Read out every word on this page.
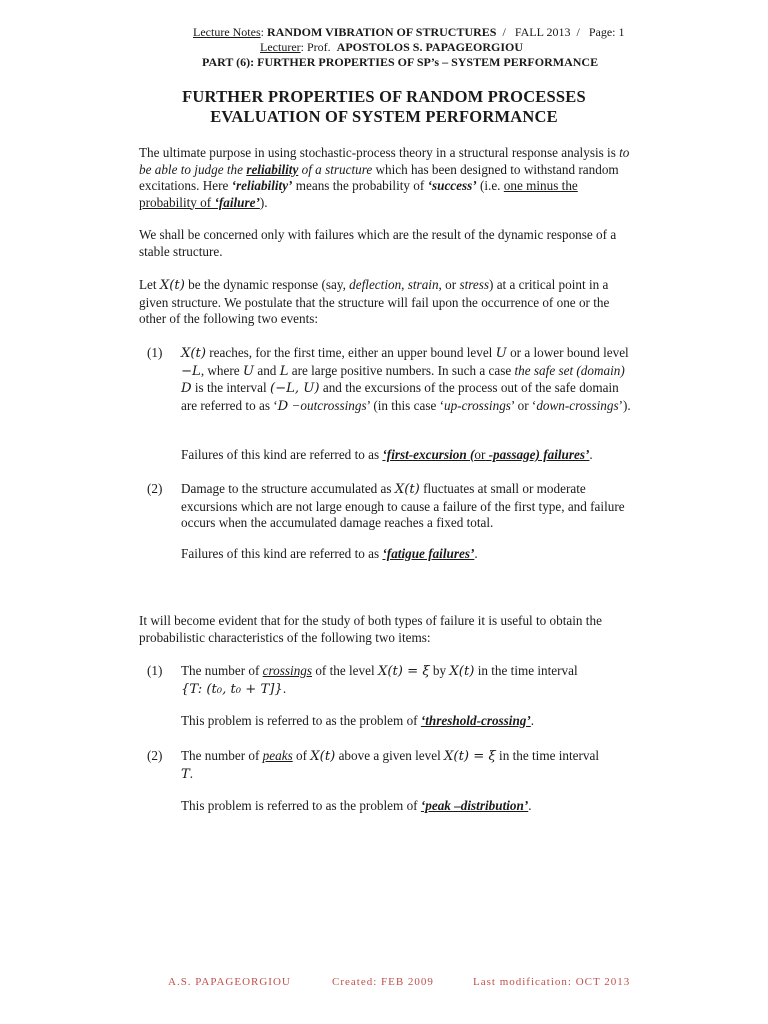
Lecture Notes: RANDOM VIBRATION OF STRUCTURES  /   FALL 2013  /   Page: 1
Lecturer: Prof. APOSTOLOS S. PAPAGEORGIOU
PART (6): FURTHER PROPERTIES OF SP’s – SYSTEM PERFORMANCE
FURTHER PROPERTIES OF RANDOM PROCESSES
EVALUATION OF SYSTEM PERFORMANCE
The ultimate purpose in using stochastic-process theory in a structural response analysis is to be able to judge the reliability of a structure which has been designed to withstand random excitations. Here ‘reliability’ means the probability of ‘success’ (i.e. one minus the probability of ‘failure’).
We shall be concerned only with failures which are the result of the dynamic response of a stable structure.
Let X(t) be the dynamic response (say, deflection, strain, or stress) at a critical point in a given structure. We postulate that the structure will fail upon the occurrence of one or the other of the following two events:
(1) X(t) reaches, for the first time, either an upper bound level U or a lower bound level −L, where U and L are large positive numbers. In such a case the safe set (domain) D is the interval (−L, U) and the excursions of the process out of the safe domain are referred to as ‘D −outcrossings’ (in this case ‘up-crossings’ or ‘down-crossings’).
Failures of this kind are referred to as ‘first-excursion (or -passage) failures’.
(2) Damage to the structure accumulated as X(t) fluctuates at small or moderate excursions which are not large enough to cause a failure of the first type, and failure occurs when the accumulated damage reaches a fixed total.
Failures of this kind are referred to as ‘fatigue failures’.
It will become evident that for the study of both types of failure it is useful to obtain the probabilistic characteristics of the following two items:
(1) The number of crossings of the level X(t) = ξ by X(t) in the time interval
{T: (t₀, t₀ + T]}.
This problem is referred to as the problem of ‘threshold-crossing’.
(2) The number of peaks of X(t) above a given level X(t) = ξ in the time interval
T.
This problem is referred to as the problem of ‘peak –distribution’.
A.S. PAPAGEORGIOU	Created: FEB 2009	Last modification: OCT 2013
